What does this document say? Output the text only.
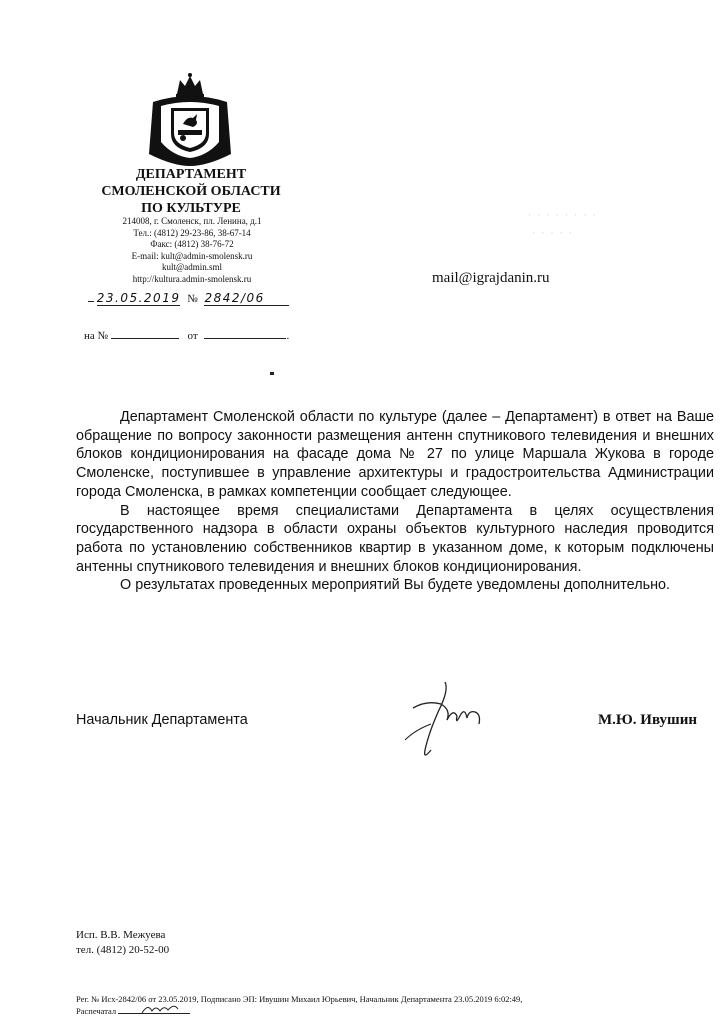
ДЕПАРТАМЕНТ
СМОЛЕНСКОЙ ОБЛАСТИ
ПО КУЛЬТУРЕ
214008, г. Смоленск, пл. Ленина, д.1
Тел.: (4812) 29-23-86, 38-67-14
Факс: (4812) 38-76-72
E-mail: kult@admin-smolensk.ru
kult@admin.sml
http://kultura.admin-smolensk.ru
· · · · · · · ·
· · · · ·
mail@igrajdanin.ru
23.05.2019 № 2842/06
на №	от	.

Департамент Смоленской области по культуре (далее – Департамент) в ответ на Ваше обращение по вопросу законности размещения антенн спутникового телевидения и внешних блоков кондиционирования на фасаде дома № 27 по улице Маршала Жукова в городе Смоленске, поступившее в управление архитектуры и градостроительства Администрации города Смоленска, в рамках компетенции сообщает следующее.

В настоящее время специалистами Департамента в целях осуществления государственного надзора в области охраны объектов культурного наследия проводится работа по установлению собственников квартир в указанном доме, к которым подключены антенны спутникового телевидения и внешних блоков кондиционирования.

О результатах проведенных мероприятий Вы будете уведомлены дополнительно.

Начальник Департамента	М.Ю. Ивушин
Исп. В.В. Межуева
тел. (4812) 20-52-00
Рег. № Исх-2842/06 от 23.05.2019, Подписано ЭП: Ивушин Михаил Юрьевич, Начальник Департамента 23.05.2019 6:02:49,
Распечатал
